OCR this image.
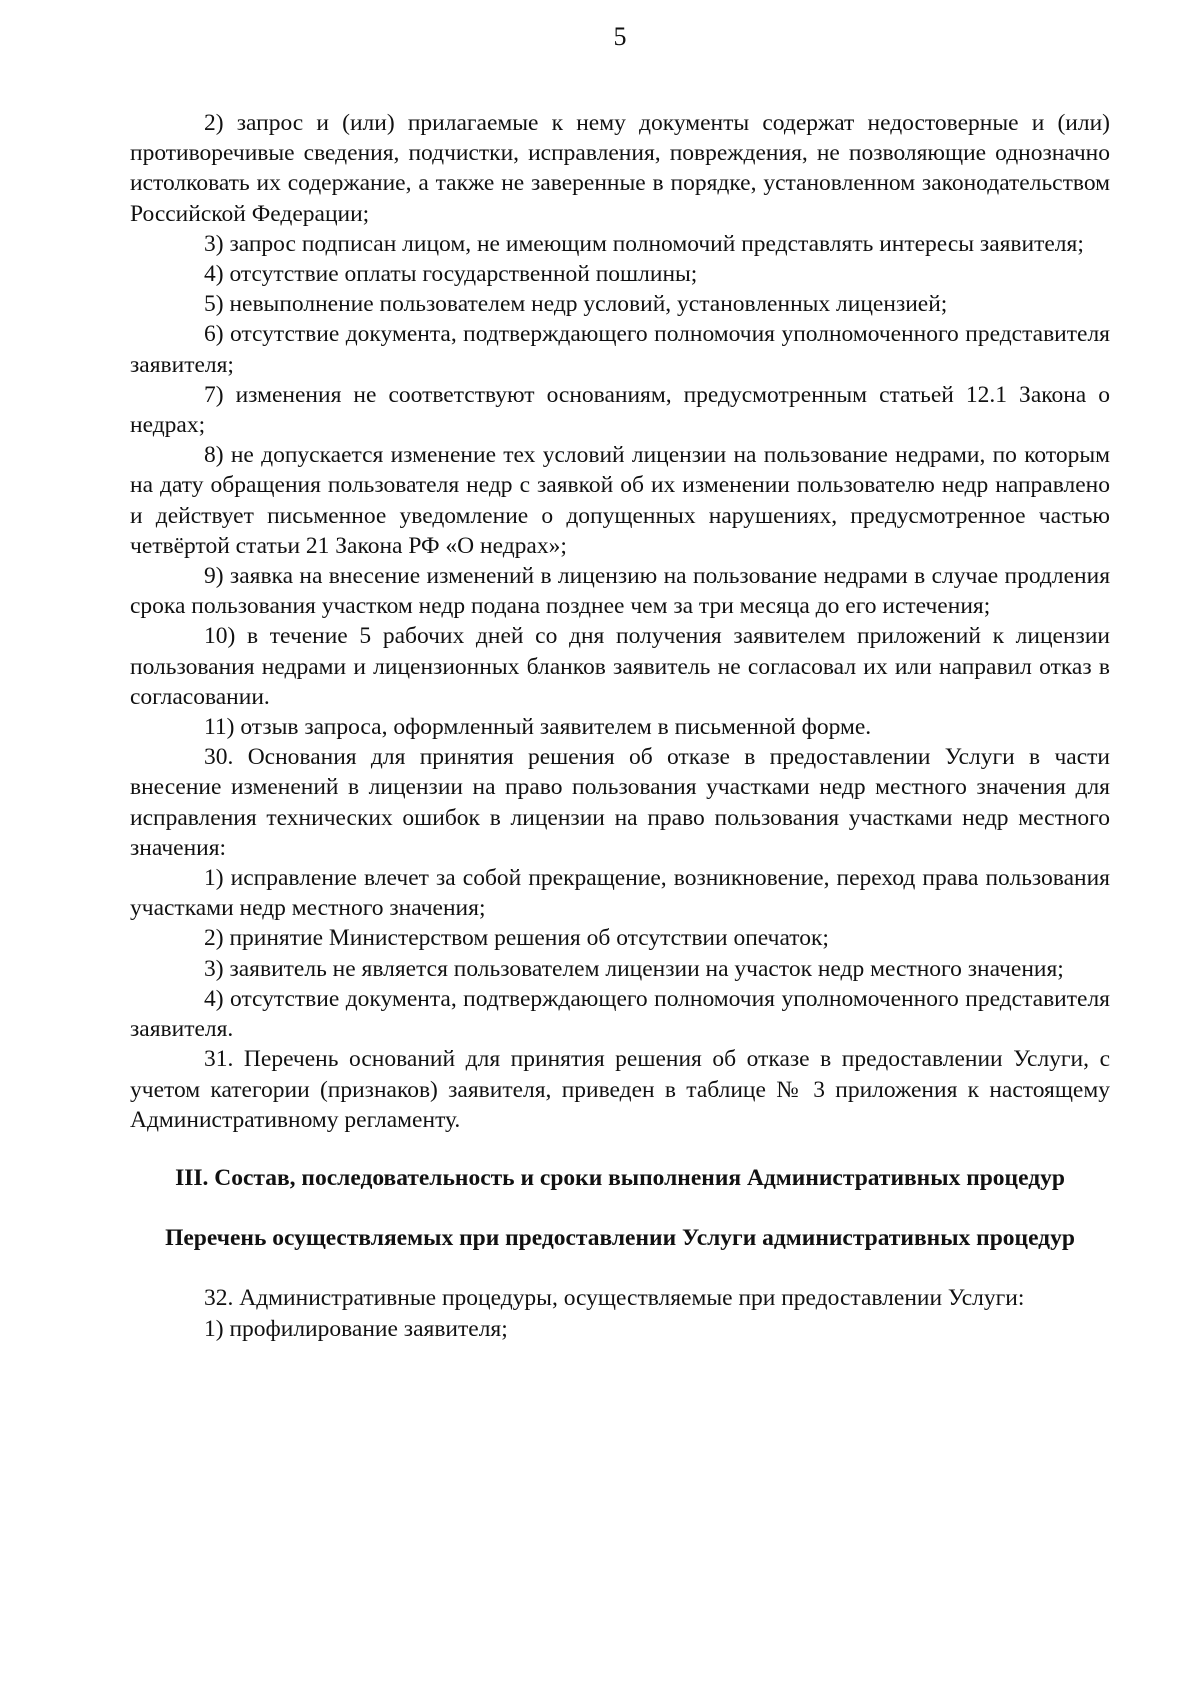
5

2) запрос и (или) прилагаемые к нему документы содержат недостоверные и (или) противоречивые сведения, подчистки, исправления, повреждения, не позволяющие однозначно истолковать их содержание, а также не заверенные в порядке, установленном законодательством Российской Федерации;

3) запрос подписан лицом, не имеющим полномочий представлять интересы заявителя;

4) отсутствие оплаты государственной пошлины;

5) невыполнение пользователем недр условий, установленных лицензией;

6) отсутствие документа, подтверждающего полномочия уполномоченного представителя заявителя;

7) изменения не соответствуют основаниям, предусмотренным статьей 12.1 Закона о недрах;

8) не допускается изменение тех условий лицензии на пользование недрами, по которым на дату обращения пользователя недр с заявкой об их изменении пользователю недр направлено и действует письменное уведомление о допущенных нарушениях, предусмотренное частью четвёртой статьи 21 Закона РФ «О недрах»;

9) заявка на внесение изменений в лицензию на пользование недрами в случае продления срока пользования участком недр подана позднее чем за три месяца до его истечения;

10) в течение 5 рабочих дней со дня получения заявителем приложений к лицензии пользования недрами и лицензионных бланков заявитель не согласовал их или направил отказ в согласовании.

11) отзыв запроса, оформленный заявителем в письменной форме.

30. Основания для принятия решения об отказе в предоставлении Услуги в части внесение изменений в лицензии на право пользования участками недр местного значения для исправления технических ошибок в лицензии на право пользования участками недр местного значения:

1) исправление влечет за собой прекращение, возникновение, переход права пользования участками недр местного значения;

2) принятие Министерством решения об отсутствии опечаток;

3) заявитель не является пользователем лицензии на участок недр местного значения;

4) отсутствие документа, подтверждающего полномочия уполномоченного представителя заявителя.

31. Перечень оснований для принятия решения об отказе в предоставлении Услуги, с учетом категории (признаков) заявителя, приведен в таблице № 3 приложения к настоящему Административному регламенту.

III. Состав, последовательность и сроки выполнения Административных процедур

Перечень осуществляемых при предоставлении Услуги административных процедур

32. Административные процедуры, осуществляемые при предоставлении Услуги:

1) профилирование заявителя;
